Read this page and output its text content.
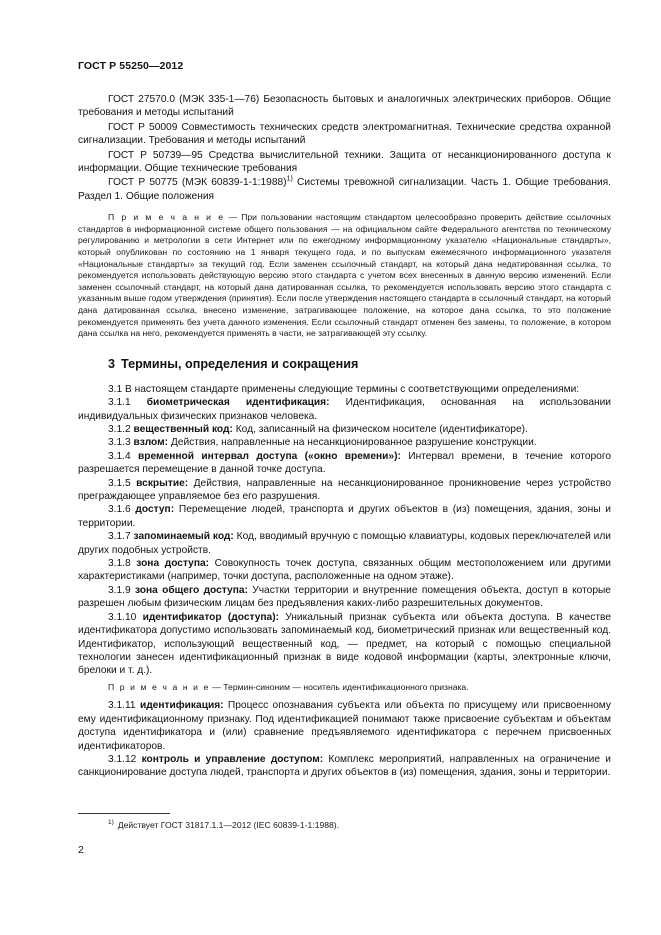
ГОСТ Р 55250—2012

ГОСТ 27570.0 (МЭК 335-1—76) Безопасность бытовых и аналогичных электрических приборов. Общие требования и методы испытаний

ГОСТ Р 50009 Совместимость технических средств электромагнитная. Технические средства охранной сигнализации. Требования и методы испытаний

ГОСТ Р 50739—95 Средства вычислительной техники. Защита от несанкционированного доступа к информации. Общие технические требования

ГОСТ Р 50775 (МЭК 60839-1-1:1988)$^{1)}$ Системы тревожной сигнализации. Часть 1. Общие требования. Раздел 1. Общие положения

П р и м е ч а н и е — При пользовании настоящим стандартом целесообразно проверить действие ссылочных стандартов в информационной системе общего пользования — на официальном сайте Федерального агентства по техническому регулированию и метрологии в сети Интернет или по ежегодному информационному указателю «Национальные стандарты», который опубликован по состоянию на 1 января текущего года, и по выпускам ежемесячного информационного указателя «Национальные стандарты» за текущий год. Если заменен ссылочный стандарт, на который дана недатированная ссылка, то рекомендуется использовать действующую версию этого стандарта с учетом всех внесенных в данную версию изменений. Если заменен ссылочный стандарт, на который дана датированная ссылка, то рекомендуется использовать версию этого стандарта с указанным выше годом утверждения (принятия). Если после утверждения настоящего стандарта в ссылочный стандарт, на который дана датированная ссылка, внесено изменение, затрагивающее положение, на которое дана ссылка, то это положение рекомендуется применять без учета данного изменения. Если ссылочный стандарт отменен без замены, то положение, в котором дана ссылка на него, рекомендуется применять в части, не затрагивающей эту ссылку.

3 Термины, определения и сокращения

3.1 В настоящем стандарте применены следующие термины с соответствующими определениями:

3.1.1 биометрическая идентификация: Идентификация, основанная на использовании индивидуальных физических признаков человека.

3.1.2 вещественный код: Код, записанный на физическом носителе (идентификаторе).

3.1.3 взлом: Действия, направленные на несанкционированное разрушение конструкции.

3.1.4 временной интервал доступа («окно времени»): Интервал времени, в течение которого разрешается перемещение в данной точке доступа.

3.1.5 вскрытие: Действия, направленные на несанкционированное проникновение через устройство преграждающее управляемое без его разрушения.

3.1.6 доступ: Перемещение людей, транспорта и других объектов в (из) помещения, здания, зоны и территории.

3.1.7 запоминаемый код: Код, вводимый вручную с помощью клавиатуры, кодовых переключателей или других подобных устройств.

3.1.8 зона доступа: Совокупность точек доступа, связанных общим местоположением или другими характеристиками (например, точки доступа, расположенные на одном этаже).

3.1.9 зона общего доступа: Участки территории и внутренние помещения объекта, доступ в которые разрешен любым физическим лицам без предъявления каких-либо разрешительных документов.

3.1.10 идентификатор (доступа): Уникальный признак субъекта или объекта доступа. В качестве идентификатора допустимо использовать запоминаемый код, биометрический признак или вещественный код. Идентификатор, использующий вещественный код, — предмет, на который с помощью специальной технологии занесен идентификационный признак в виде кодовой информации (карты, электронные ключи, брелоки и т. д.).

П р и м е ч а н и е — Термин-синоним — носитель идентификационного признака.

3.1.11 идентификация: Процесс опознавания субъекта или объекта по присущему или присвоенному ему идентификационному признаку. Под идентификацией понимают также присвоение субъектам и объектам доступа идентификатора и (или) сравнение предъявляемого идентификатора с перечнем присвоенных идентификаторов.

3.1.12 контроль и управление доступом: Комплекс мероприятий, направленных на ограничение и санкционирование доступа людей, транспорта и других объектов в (из) помещения, здания, зоны и территории.

$^{1)}$ Действует ГОСТ 31817.1.1—2012 (IEC 60839-1-1:1988).
2
